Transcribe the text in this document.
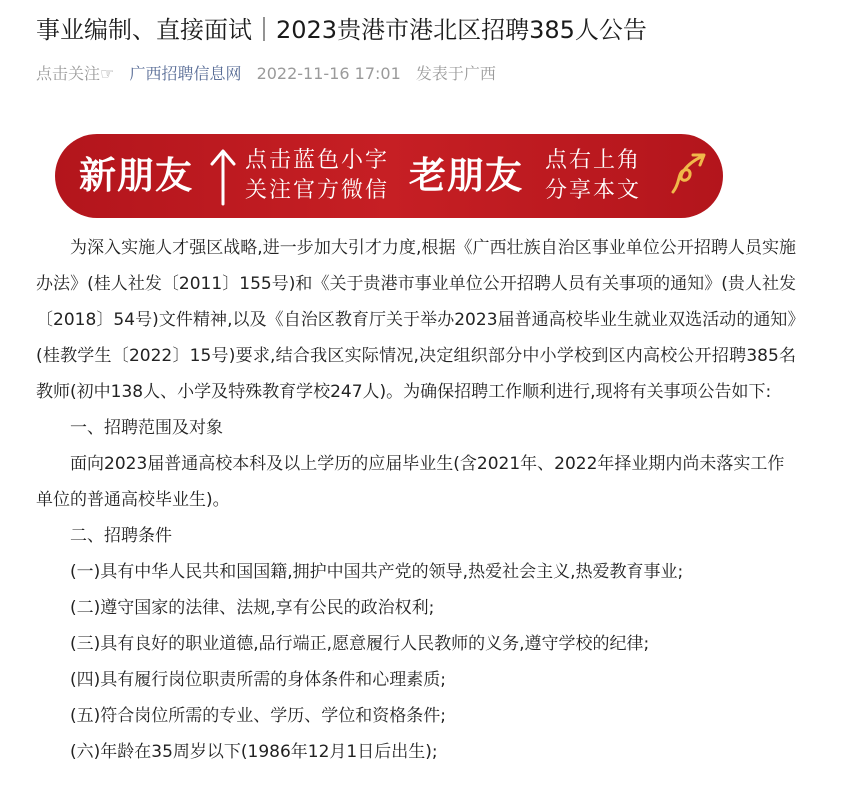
事业编制、直接面试｜2023贵港市港北区招聘385人公告
点击关注☞ 广西招聘信息网 2022-11-16 17:01 发表于广西
新朋友 点击蓝色小字
关注官方微信 老朋友 点右上角
分享本文

为深入实施人才强区战略,进一步加大引才力度,根据《广西壮族自治区事业单位公开招聘人员实施办法》(桂人社发〔2011〕155号)和《关于贵港市事业单位公开招聘人员有关事项的通知》(贵人社发〔2018〕54号)文件精神,以及《自治区教育厅关于举办2023届普通高校毕业生就业双选活动的通知》(桂教学生〔2022〕15号)要求,结合我区实际情况,决定组织部分中小学校到区内高校公开招聘385名教师(初中138人、小学及特殊教育学校247人)。为确保招聘工作顺利进行,现将有关事项公告如下:

一、招聘范围及对象

面向2023届普通高校本科及以上学历的应届毕业生(含2021年、2022年择业期内尚未落实工作单位的普通高校毕业生)。

二、招聘条件

(一)具有中华人民共和国国籍,拥护中国共产党的领导,热爱社会主义,热爱教育事业;

(二)遵守国家的法律、法规,享有公民的政治权利;

(三)具有良好的职业道德,品行端正,愿意履行人民教师的义务,遵守学校的纪律;

(四)具有履行岗位职责所需的身体条件和心理素质;

(五)符合岗位所需的专业、学历、学位和资格条件;

(六)年龄在35周岁以下(1986年12月1日后出生);
